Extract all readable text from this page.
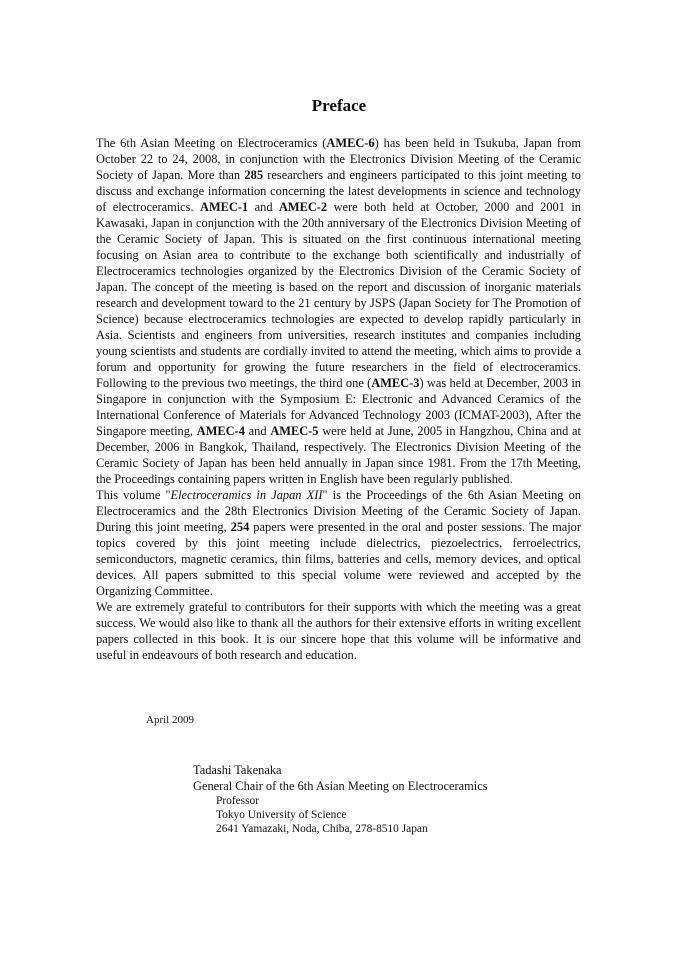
Preface

The 6th Asian Meeting on Electroceramics (AMEC-6) has been held in Tsukuba, Japan from October 22 to 24, 2008, in conjunction with the Electronics Division Meeting of the Ceramic Society of Japan. More than 285 researchers and engineers participated to this joint meeting to discuss and exchange information concerning the latest developments in science and technology of electroceramics. AMEC-1 and AMEC-2 were both held at October, 2000 and 2001 in Kawasaki, Japan in conjunction with the 20th anniversary of the Electronics Division Meeting of the Ceramic Society of Japan. This is situated on the first continuous international meeting focusing on Asian area to contribute to the exchange both scientifically and industrially of Electroceramics technologies organized by the Electronics Division of the Ceramic Society of Japan. The concept of the meeting is based on the report and discussion of inorganic materials research and development toward to the 21 century by JSPS (Japan Society for The Promotion of Science) because electroceramics technologies are expected to develop rapidly particularly in Asia. Scientists and engineers from universities, research institutes and companies including young scientists and students are cordially invited to attend the meeting, which aims to provide a forum and opportunity for growing the future researchers in the field of electroceramics. Following to the previous two meetings, the third one (AMEC-3) was held at December, 2003 in Singapore in conjunction with the Symposium E: Electronic and Advanced Ceramics of the International Conference of Materials for Advanced Technology 2003 (ICMAT-2003), After the Singapore meeting, AMEC-4 and AMEC-5 were held at June, 2005 in Hangzhou, China and at December, 2006 in Bangkok, Thailand, respectively. The Electronics Division Meeting of the Ceramic Society of Japan has been held annually in Japan since 1981. From the 17th Meeting, the Proceedings containing papers written in English have been regularly published.

This volume "Electroceramics in Japan XII" is the Proceedings of the 6th Asian Meeting on Electroceramics and the 28th Electronics Division Meeting of the Ceramic Society of Japan. During this joint meeting, 254 papers were presented in the oral and poster sessions. The major topics covered by this joint meeting include dielectrics, piezoelectrics, ferroelectrics, semiconductors, magnetic ceramics, thin films, batteries and cells, memory devices, and optical devices. All papers submitted to this special volume were reviewed and accepted by the Organizing Committee.

We are extremely grateful to contributors for their supports with which the meeting was a great success. We would also like to thank all the authors for their extensive efforts in writing excellent papers collected in this book. It is our sincere hope that this volume will be informative and useful in endeavours of both research and education.

April 2009

Tadashi Takenaka
General Chair of the 6th Asian Meeting on Electroceramics
Professor
Tokyo University of Science
2641 Yamazaki, Noda, Chiba, 278-8510 Japan
